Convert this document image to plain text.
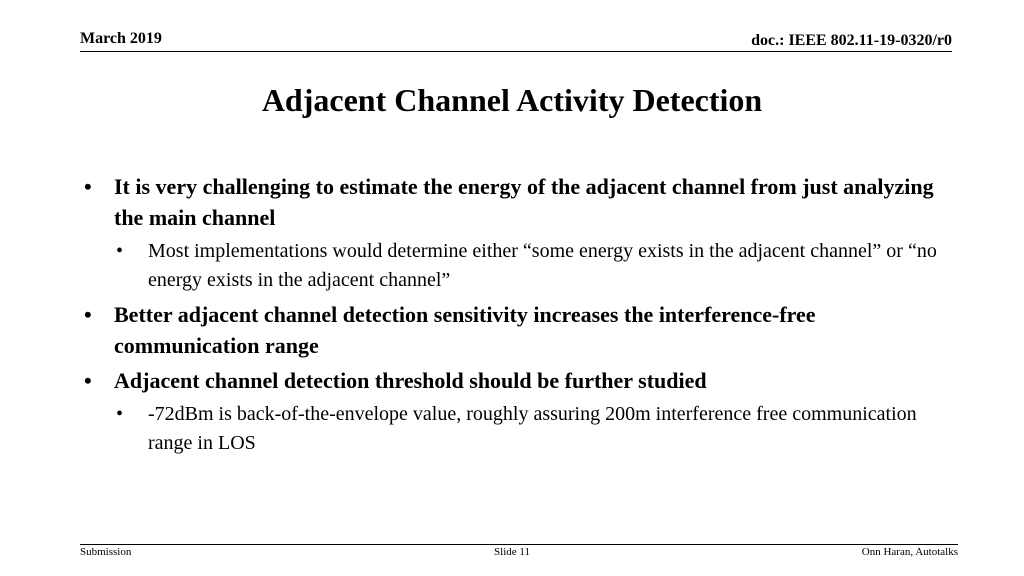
March 2019	doc.: IEEE 802.11-19-0320/r0
Adjacent Channel Activity Detection
• It is very challenging to estimate the energy of the adjacent channel from just analyzing the main channel
• Most implementations would determine either “some energy exists in the adjacent channel” or “no energy exists in the adjacent channel”
• Better adjacent channel detection sensitivity increases the interference-free communication range
• Adjacent channel detection threshold should be further studied
• -72dBm is back-of-the-envelope value, roughly assuring 200m interference free communication range in LOS
Submission	Slide 11	Onn Haran, Autotalks
